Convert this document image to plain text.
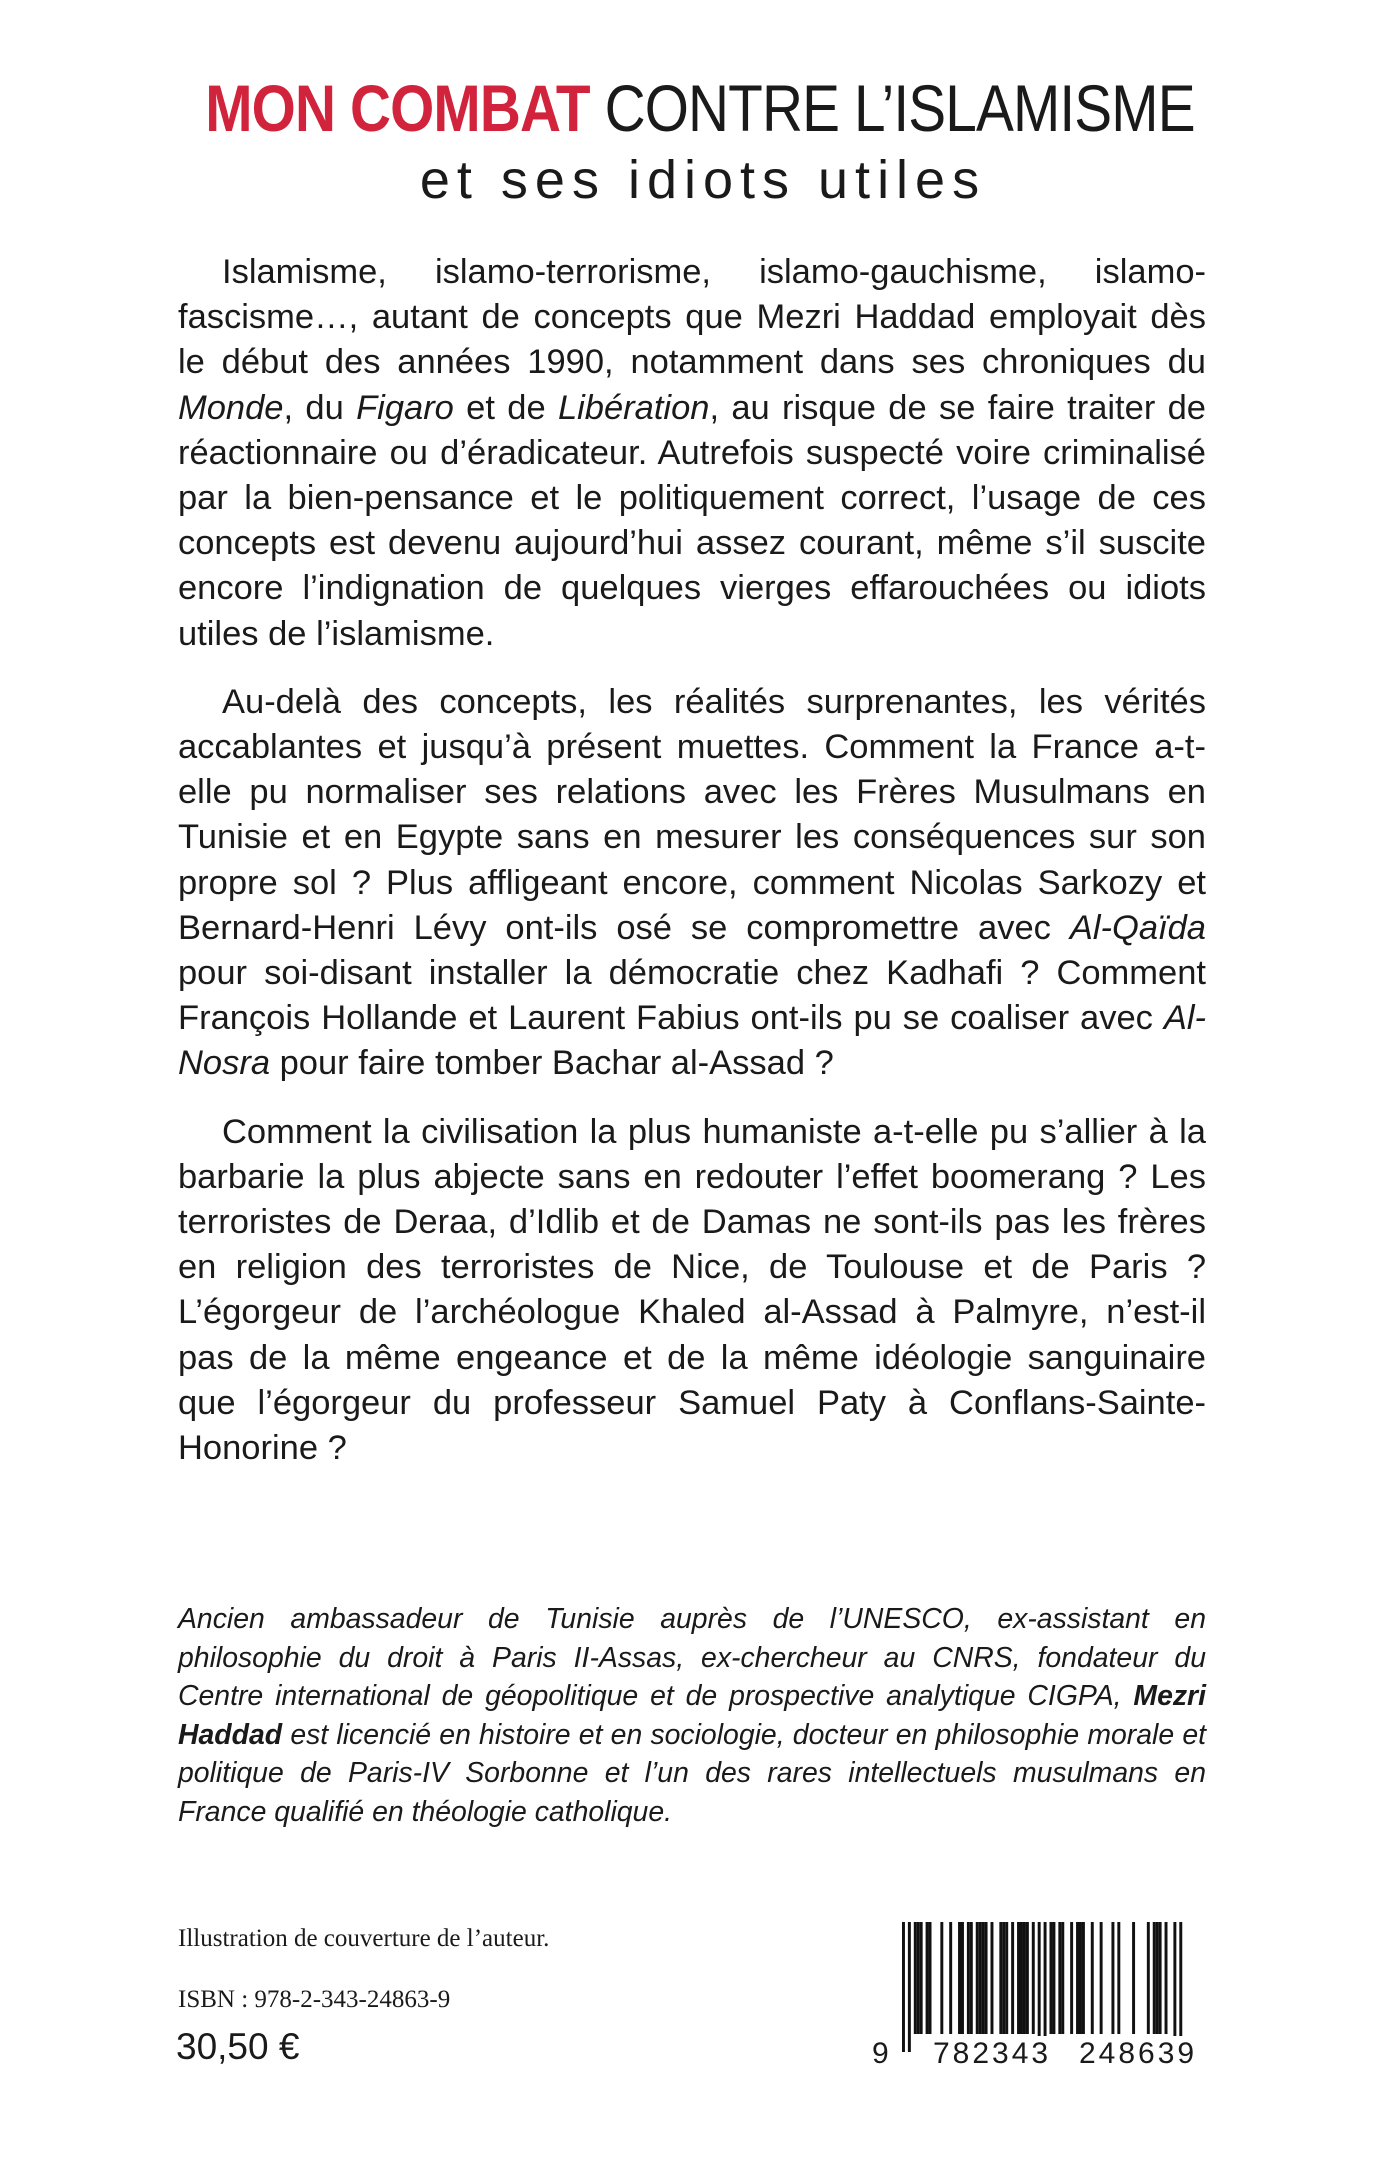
MON COMBAT CONTRE L’ISLAMISME
et ses idiots utiles

Islamisme, islamo-terrorisme, islamo-gauchisme, islamo-fascisme…, autant de concepts que Mezri Haddad employait dès le début des années 1990, notamment dans ses chroniques du Monde, du Figaro et de Libération, au risque de se faire traiter de réactionnaire ou d’éradicateur. Autrefois suspecté voire criminalisé par la bien-pensance et le politiquement correct, l’usage de ces concepts est devenu aujourd’hui assez courant, même s’il suscite encore l’indignation de quelques vierges effarouchées ou idiots utiles de l’islamisme.

Au-delà des concepts, les réalités surprenantes, les vérités accablantes et jusqu’à présent muettes. Comment la France a-t-elle pu normaliser ses relations avec les Frères Musulmans en Tunisie et en Egypte sans en mesurer les conséquences sur son propre sol ? Plus affligeant encore, comment Nicolas Sarkozy et Bernard-Henri Lévy ont-ils osé se compromettre avec Al-Qaïda pour soi-disant installer la démocratie chez Kadhafi ? Comment François Hollande et Laurent Fabius ont-ils pu se coaliser avec Al-Nosra pour faire tomber Bachar al-Assad ?

Comment la civilisation la plus humaniste a-t-elle pu s’allier à la barbarie la plus abjecte sans en redouter l’effet boomerang ? Les terroristes de Deraa, d’Idlib et de Damas ne sont-ils pas les frères en religion des terroristes de Nice, de Toulouse et de Paris ? L’égorgeur de l’archéologue Khaled al-Assad à Palmyre, n’est-il pas de la même engeance et de la même idéologie sanguinaire que l’égorgeur du professeur Samuel Paty à Conflans-Sainte-Honorine ?

Ancien ambassadeur de Tunisie auprès de l’UNESCO, ex-assistant en philosophie du droit à Paris II-Assas, ex-chercheur au CNRS, fondateur du Centre international de géopolitique et de prospective analytique CIGPA, Mezri Haddad est licencié en histoire et en sociologie, docteur en philosophie morale et politique de Paris-IV Sorbonne et l’un des rares intellectuels musulmans en France qualifié en théologie catholique.

Illustration de couverture de l’auteur.
ISBN : 978-2-343-24863-9
30,50 €	9 782343 248639
